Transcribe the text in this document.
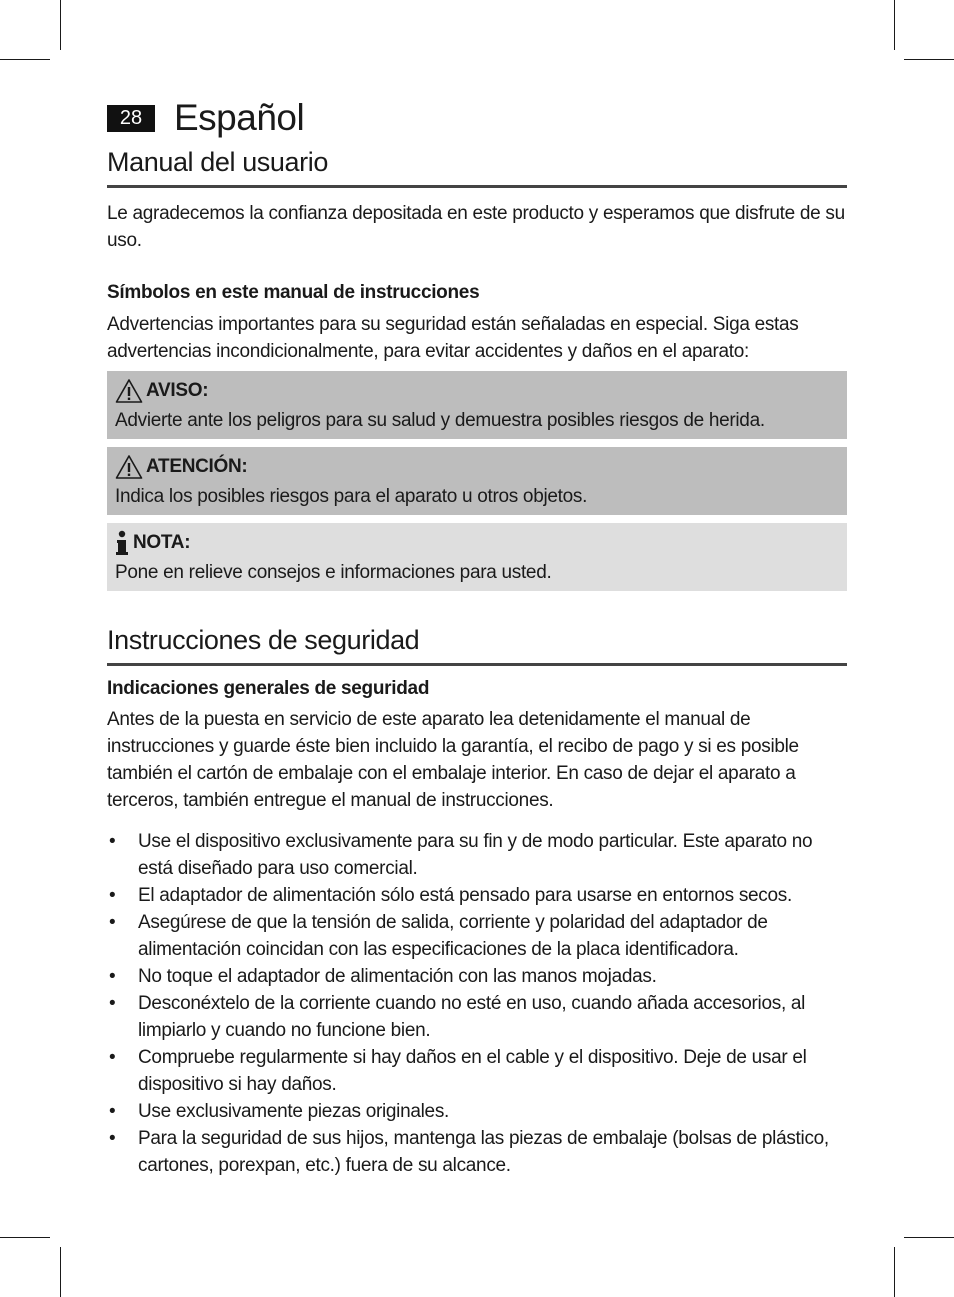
28 Español
Manual del usuario

Le agradecemos la confianza depositada en este producto y esperamos que disfrute de su uso.

Símbolos en este manual de instrucciones

Advertencias importantes para su seguridad están señaladas en especial. Siga estas advertencias incondicionalmente, para evitar accidentes y daños en el aparato:

AVISO:
Advierte ante los peligros para su salud y demuestra posibles riesgos de herida.
ATENCIÓN:
Indica los posibles riesgos para el aparato u otros objetos.
NOTA:
Pone en relieve consejos e informaciones para usted.
Instrucciones de seguridad

Indicaciones generales de seguridad

Antes de la puesta en servicio de este aparato lea detenidamente el manual de instrucciones y guarde éste bien incluido la garantía, el recibo de pago y si es posible también el cartón de embalaje con el embalaje interior. En caso de dejar el aparato a terceros, también entregue el manual de instrucciones.

• Use el dispositivo exclusivamente para su fin y de modo particular. Este aparato no está diseñado para uso comercial.
• El adaptador de alimentación sólo está pensado para usarse en entornos secos.
• Asegúrese de que la tensión de salida, corriente y polaridad del adaptador de alimentación coincidan con las especificaciones de la placa identificadora.
• No toque el adaptador de alimentación con las manos mojadas.
• Desconéxtelo de la corriente cuando no esté en uso, cuando añada accesorios, al limpiarlo y cuando no funcione bien.
• Compruebe regularmente si hay daños en el cable y el dispositivo. Deje de usar el dispositivo si hay daños.
• Use exclusivamente piezas originales.
• Para la seguridad de sus hijos, mantenga las piezas de embalaje (bolsas de plástico, cartones, porexpan, etc.) fuera de su alcance.
